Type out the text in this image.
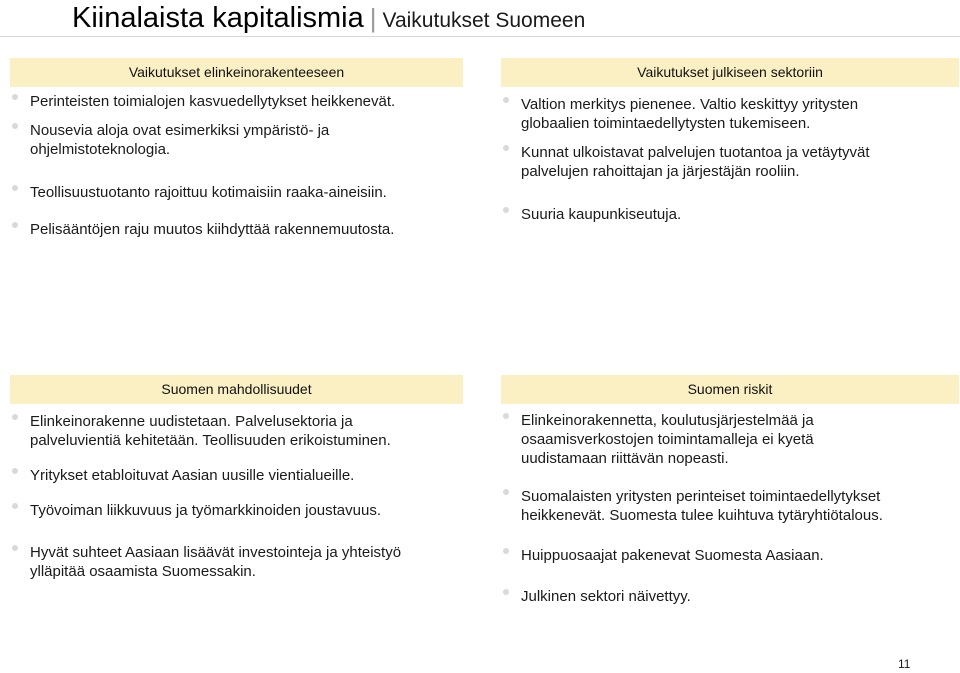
Kiinalaista kapitalismia | Vaikutukset Suomeen
Vaikutukset elinkeinorakenteeseen
Perinteisten toimialojen kasvuedellytykset heikkenevät.
Nousevia aloja ovat esimerkiksi ympäristö- ja
ohjelmistoteknologia.
Teollisuustuotanto rajoittuu kotimaisiin raaka-aineisiin.
Pelisääntöjen raju muutos kiihdyttää rakennemuutosta.
Vaikutukset julkiseen sektoriin
Valtion merkitys pienenee. Valtio keskittyy yritysten
globaalien toimintaedellytysten tukemiseen.
Kunnat ulkoistavat palvelujen tuotantoa ja vetäytyvät
palvelujen rahoittajan ja järjestäjän rooliin.
Suuria kaupunkiseutuja.
Suomen mahdollisuudet
Elinkeinorakenne uudistetaan. Palvelusektoria ja
palveluvientiä kehitetään. Teollisuuden erikoistuminen.
Yritykset etabloituvat Aasian uusille vientialueille.
Työvoiman liikkuvuus ja työmarkkinoiden joustavuus.
Hyvät suhteet Aasiaan lisäävät investointeja ja yhteistyö
ylläpitää osaamista Suomessakin.
Suomen riskit
Elinkeinorakennetta, koulutusjärjestelmää ja
osaamisverkostojen toimintamalleja ei kyetä
uudistamaan riittävän nopeasti.
Suomalaisten yritysten perinteiset toimintaedellytykset
heikkenevät. Suomesta tulee kuihtuva tytäryhtiötalous.
Huippuosaajat pakenevat Suomesta Aasiaan.
Julkinen sektori näivettyy.
11
